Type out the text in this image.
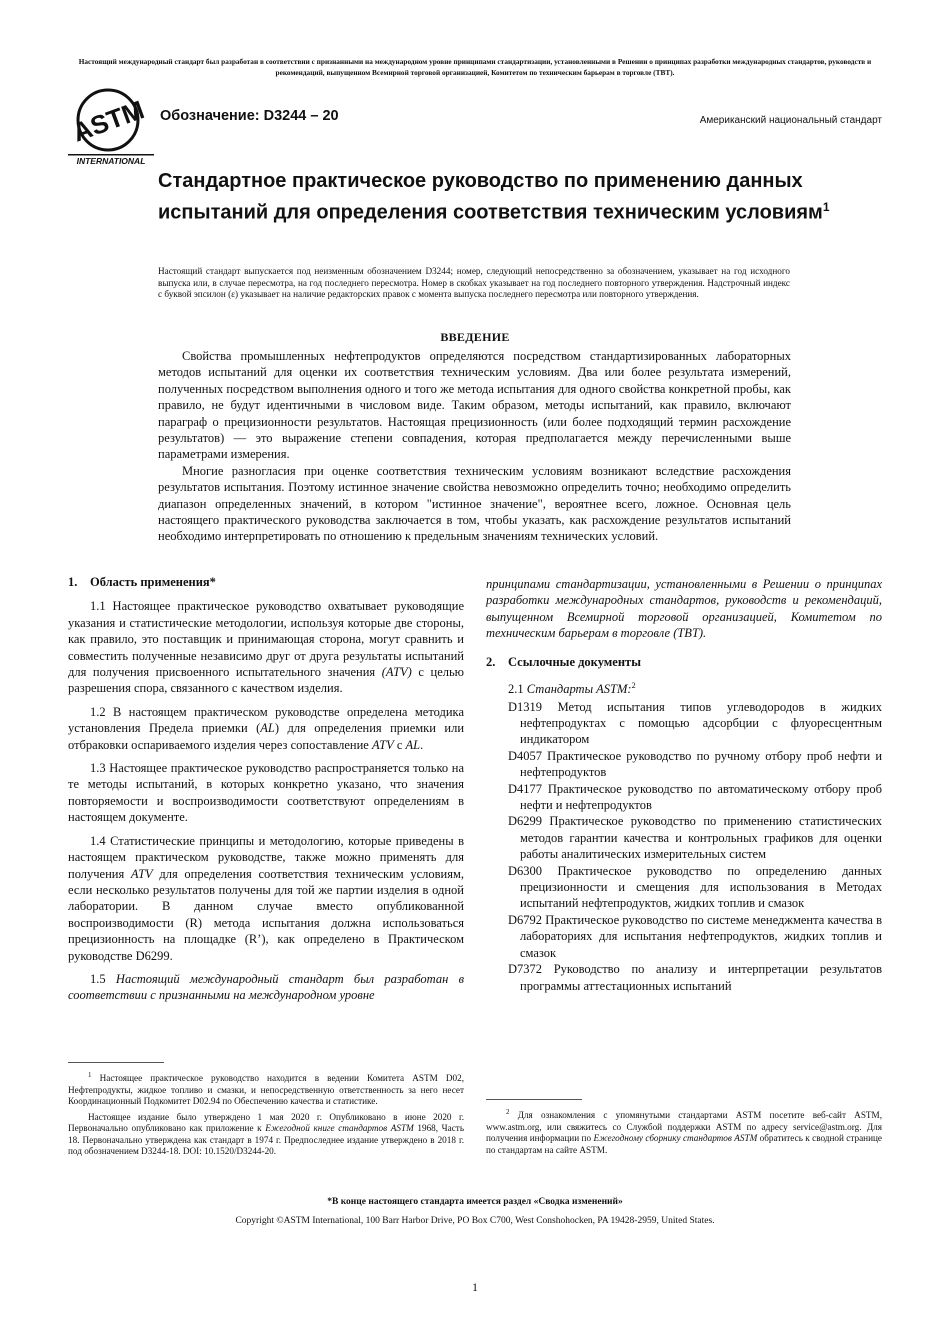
Настоящий международный стандарт был разработан в соответствии с признанными на международном уровне принципами стандартизации, установленными в Решении о принципах разработки международных стандартов, руководств и рекомендаций, выпущенном Всемирной торговой организацией, Комитетом по техническим барьерам в торговле (TBT).
ASTM
INTERNATIONAL
Обозначение: D3244 – 20	Американский национальный стандарт
Стандартное практическое руководство по применению данных испытаний для определения соответствия техническим условиям$^1$
Настоящий стандарт выпускается под неизменным обозначением D3244; номер, следующий непосредственно за обозначением, указывает на год исходного выпуска или, в случае пересмотра, на год последнего пересмотра. Номер в скобках указывает на год последнего повторного утверждения. Надстрочный индекс с буквой эпсилон (ε) указывает на наличие редакторских правок с момента выпуска последнего пересмотра или повторного утверждения.
ВВЕДЕНИЕ

Свойства промышленных нефтепродуктов определяются посредством стандартизированных лабораторных методов испытаний для оценки их соответствия техническим условиям. Два или более результата измерений, полученных посредством выполнения одного и того же метода испытания для одного свойства конкретной пробы, как правило, не будут идентичными в числовом виде. Таким образом, методы испытаний, как правило, включают параграф о прецизионности результатов. Настоящая прецизионность (или более подходящий термин расхождение результатов) — это выражение степени совпадения, которая предполагается между перечисленными выше параметрами измерения.

Многие разногласия при оценке соответствия техническим условиям возникают вследствие расхождения результатов испытания. Поэтому истинное значение свойства невозможно определить точно; необходимо определить диапазон определенных значений, в котором "истинное значение", вероятнее всего, ложное. Основная цель настоящего практического руководства заключается в том, чтобы указать, как расхождение результатов испытаний необходимо интерпретировать по отношению к предельным значениям технических условий.

1. Область применения*

1.1 Настоящее практическое руководство охватывает руководящие указания и статистические методологии, используя которые две стороны, как правило, это поставщик и принимающая сторона, могут сравнить и совместить полученные независимо друг от друга результаты испытаний для получения присвоенного испытательного значения (ATV) с целью разрешения спора, связанного с качеством изделия.

1.2 В настоящем практическом руководстве определена методика установления Предела приемки (AL) для определения приемки или отбраковки оспариваемого изделия через сопоставление ATV с AL.

1.3 Настоящее практическое руководство распространяется только на те методы испытаний, в которых конкретно указано, что значения повторяемости и воспроизводимости соответствуют определениям в настоящем документе.

1.4 Статистические принципы и методологию, которые приведены в настоящем практическом руководстве, также можно применять для получения ATV для определения соответствия техническим условиям, если несколько результатов получены для той же партии изделия в одной лаборатории. В данном случае вместо опубликованной воспроизводимости (R) метода испытания должна использоваться прецизионность на площадке (R’), как определено в Практическом руководстве D6299.

1.5 Настоящий международный стандарт был разработан в соответствии с признанными на международном уровне

принципами стандартизации, установленными в Решении о принципах разработки международных стандартов, руководств и рекомендаций, выпущенном Всемирной торговой организацией, Комитетом по техническим барьерам в торговле (TBT).

2. Ссылочные документы
2.1 Стандарты ASTM:$^2$
D1319 Метод испытания типов углеводородов в жидких нефтепродуктах с помощью адсорбции с флуоресцентным индикатором
D4057 Практическое руководство по ручному отбору проб нефти и нефтепродуктов
D4177 Практическое руководство по автоматическому отбору проб нефти и нефтепродуктов
D6299 Практическое руководство по применению статистических методов гарантии качества и контрольных графиков для оценки работы аналитических измерительных систем
D6300 Практическое руководство по определению данных прецизионности и смещения для использования в Методах испытаний нефтепродуктов, жидких топлив и смазок
D6792 Практическое руководство по системе менеджмента качества в лабораториях для испытания нефтепродуктов, жидких топлив и смазок
D7372 Руководство по анализу и интерпретации результатов программы аттестационных испытаний

$^1$ Настоящее практическое руководство находится в ведении Комитета ASTM D02, Нефтепродукты, жидкое топливо и смазки, и непосредственную ответственность за него несет Координационный Подкомитет D02.94 по Обеспечению качества и статистике.

Настоящее издание было утверждено 1 мая 2020 г. Опубликовано в июне 2020 г. Первоначально опубликовано как приложение к Ежегодной книге стандартов ASTM 1968, Часть 18. Первоначально утверждена как стандарт в 1974 г. Предпоследнее издание утверждено в 2018 г. под обозначением D3244-18. DOI: 10.1520/D3244-20.

$^2$ Для ознакомления с упомянутыми стандартами ASTM посетите веб-сайт ASTM, www.astm.org, или свяжитесь со Службой поддержки ASTM по адресу service@astm.org. Для получения информации по Ежегодному сборнику стандартов ASTM обратитесь к сводной странице по стандартам на сайте ASTM.

*В конце настоящего стандарта имеется раздел «Сводка изменений»
Copyright ©ASTM International, 100 Barr Harbor Drive, PO Box C700, West Conshohocken, PA 19428-2959, United States.
1
